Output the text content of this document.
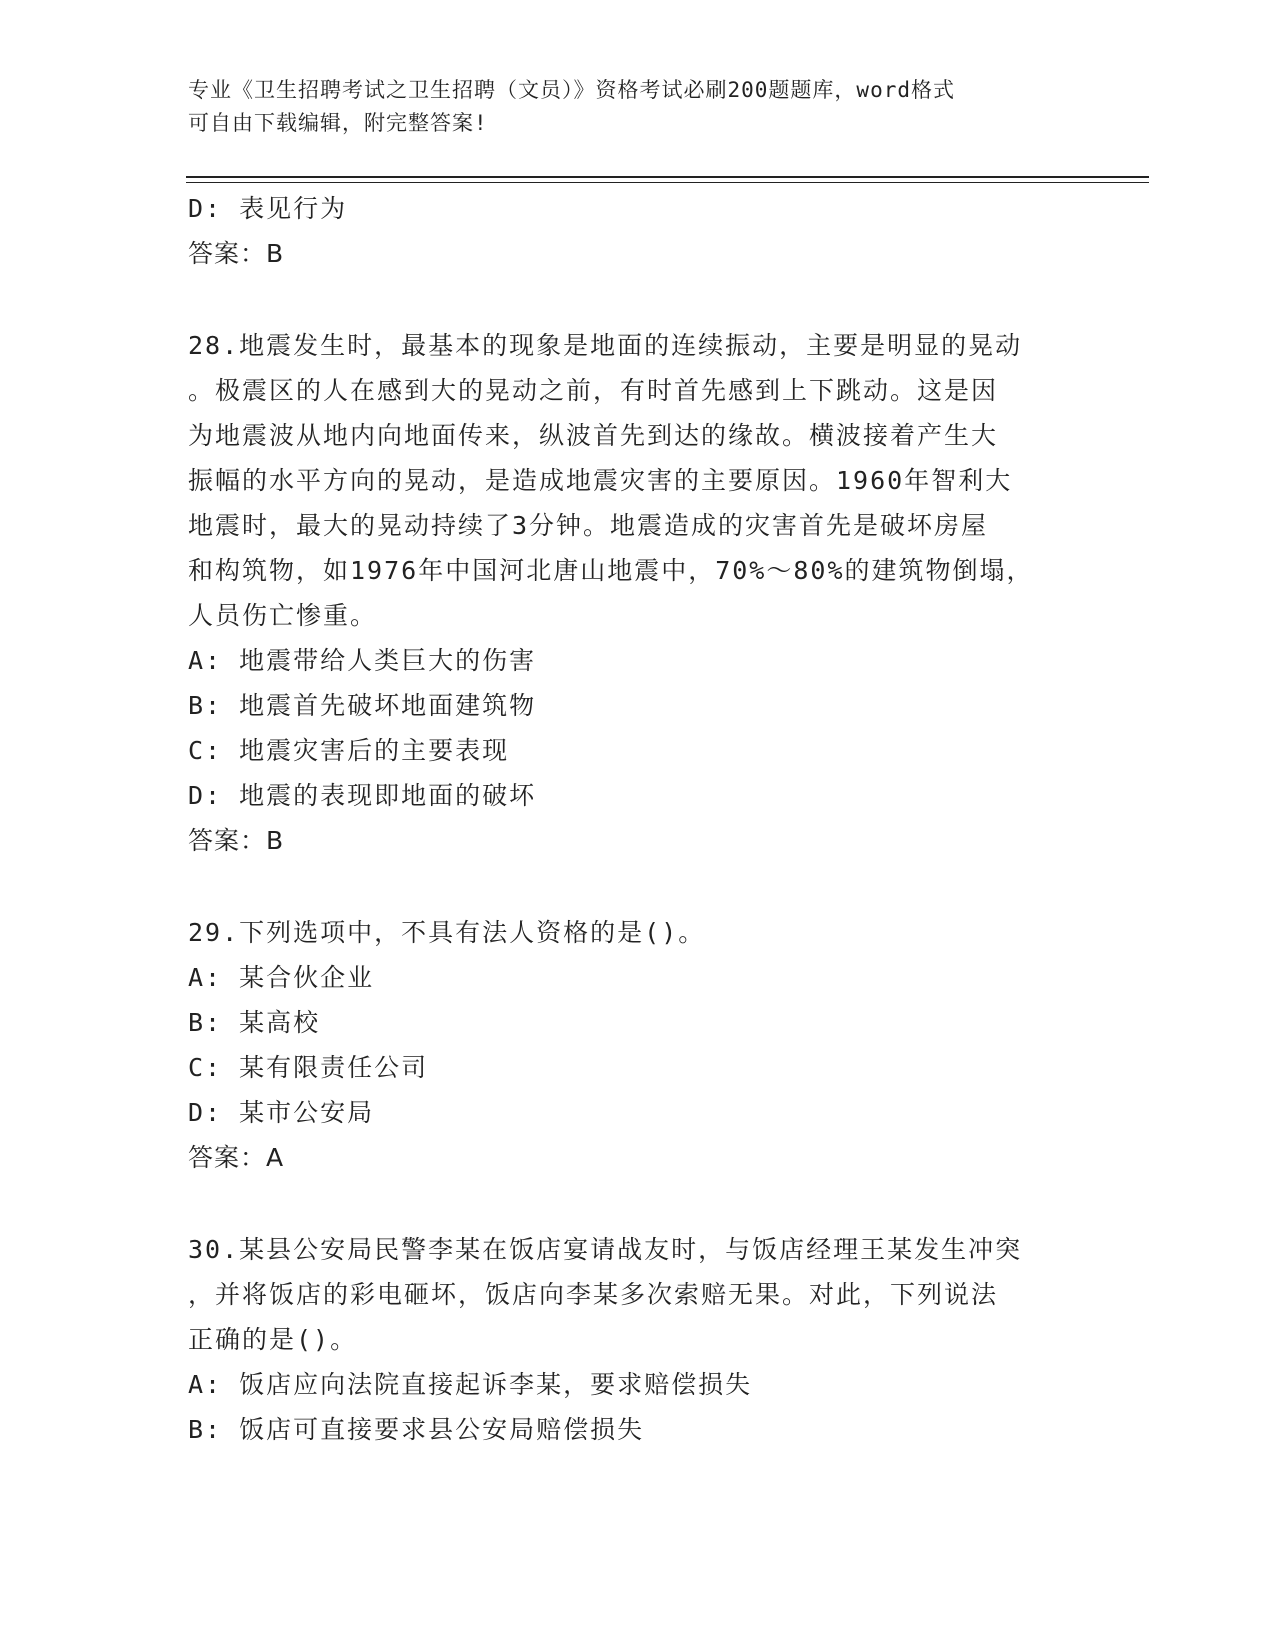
专业《卫生招聘考试之卫生招聘（文员）》资格考试必刷200题题库，word格式
可自由下载编辑，附完整答案!
D: 表见行为
答案：B
28.地震发生时，最基本的现象是地面的连续振动，主要是明显的晃动
。极震区的人在感到大的晃动之前，有时首先感到上下跳动。这是因
为地震波从地内向地面传来，纵波首先到达的缘故。横波接着产生大
振幅的水平方向的晃动，是造成地震灾害的主要原因。1960年智利大
地震时，最大的晃动持续了3分钟。地震造成的灾害首先是破坏房屋
和构筑物，如1976年中国河北唐山地震中，70%～80%的建筑物倒塌，
人员伤亡惨重。
A: 地震带给人类巨大的伤害
B: 地震首先破坏地面建筑物
C: 地震灾害后的主要表现
D: 地震的表现即地面的破坏
答案：B
29.下列选项中，不具有法人资格的是()。
A: 某合伙企业
B: 某高校
C: 某有限责任公司
D: 某市公安局
答案：A
30.某县公安局民警李某在饭店宴请战友时，与饭店经理王某发生冲突
，并将饭店的彩电砸坏，饭店向李某多次索赔无果。对此，下列说法
正确的是()。
A: 饭店应向法院直接起诉李某，要求赔偿损失
B: 饭店可直接要求县公安局赔偿损失
